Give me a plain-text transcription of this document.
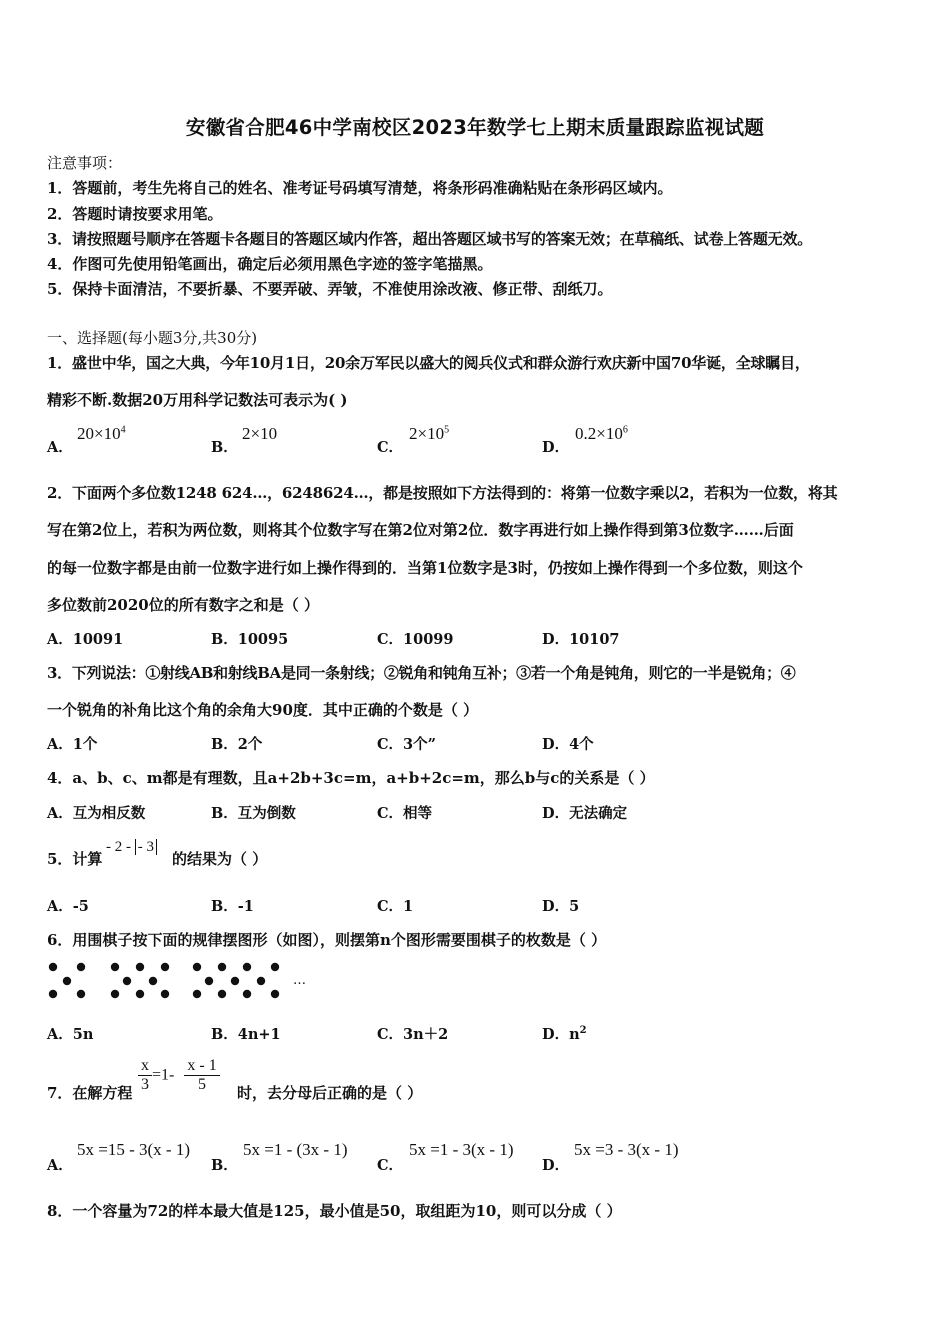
安徽省合肥46中学南校区2023年数学七上期末质量跟踪监视试题
注意事项：
1．答题前，考生先将自己的姓名、准考证号码填写清楚，将条形码准确粘贴在条形码区域内。
2．答题时请按要求用笔。
3．请按照题号顺序在答题卡各题目的答题区域内作答，超出答题区域书写的答案无效；在草稿纸、试卷上答题无效。
4．作图可先使用铅笔画出，确定后必须用黑色字迹的签字笔描黑。
5．保持卡面清洁，不要折暴、不要弄破、弄皱，不准使用涂改液、修正带、刮纸刀。
一、选择题(每小题3分,共30分)
1．盛世中华，国之大典，今年10月1日，20余万军民以盛大的阅兵仪式和群众游行欢庆新中国70华诞，全球瞩目，
精彩不断.数据20万用科学记数法可表示为( )
A．
$20\times 10^4$
B．
2×10
C．
$2\times 10^5$
D．
$0.2\times 10^6$
2．下面两个多位数1248 624…，6248624…，都是按照如下方法得到的：将第一位数字乘以2，若积为一位数，将其
写在第2位上，若积为两位数，则将其个位数字写在第2位对第2位．数字再进行如上操作得到第3位数字……后面
的每一位数字都是由前一位数字进行如上操作得到的．当第1位数字是3时，仍按如上操作得到一个多位数，则这个
多位数前2020位的所有数字之和是（ ）
A．10091	B．10095	C．10099	D．10107
3．下列说法：①射线AB和射线BA是同一条射线；②锐角和钝角互补；③若一个角是钝角，则它的一半是锐角；④
一个锐角的补角比这个角的余角大90度．其中正确的个数是（ ）
A．1个	B．2个	C．3个”	D．4个
4．a、b、c、m都是有理数，且a+2b+3c=m，a+b+2c=m，那么b与c的关系是（ ）
A．互为相反数	B．互为倒数	C．相等	D．无法确定
5．计算
- 2 - - 3
的结果为（ ）
A．-5	B．-1	C．1	D．5
6．用围棋子按下面的规律摆图形（如图），则摆第n个图形需要围棋子的枚数是（ ）
…
A．5n	B．4n+1	C．3n＋2	D．$n^2$
7．在解方程 $\frac{x}{3} =1- \frac{x - 1}{5}$ 时，去分母后正确的是（ ）
A．
5x =15 - 3(x - 1)
B．
5x =1 - (3x - 1)
C．
5x =1 - 3(x - 1)
D．
5x =3 - 3(x - 1)
8．一个容量为72的样本最大值是125，最小值是50，取组距为10，则可以分成（ ）
